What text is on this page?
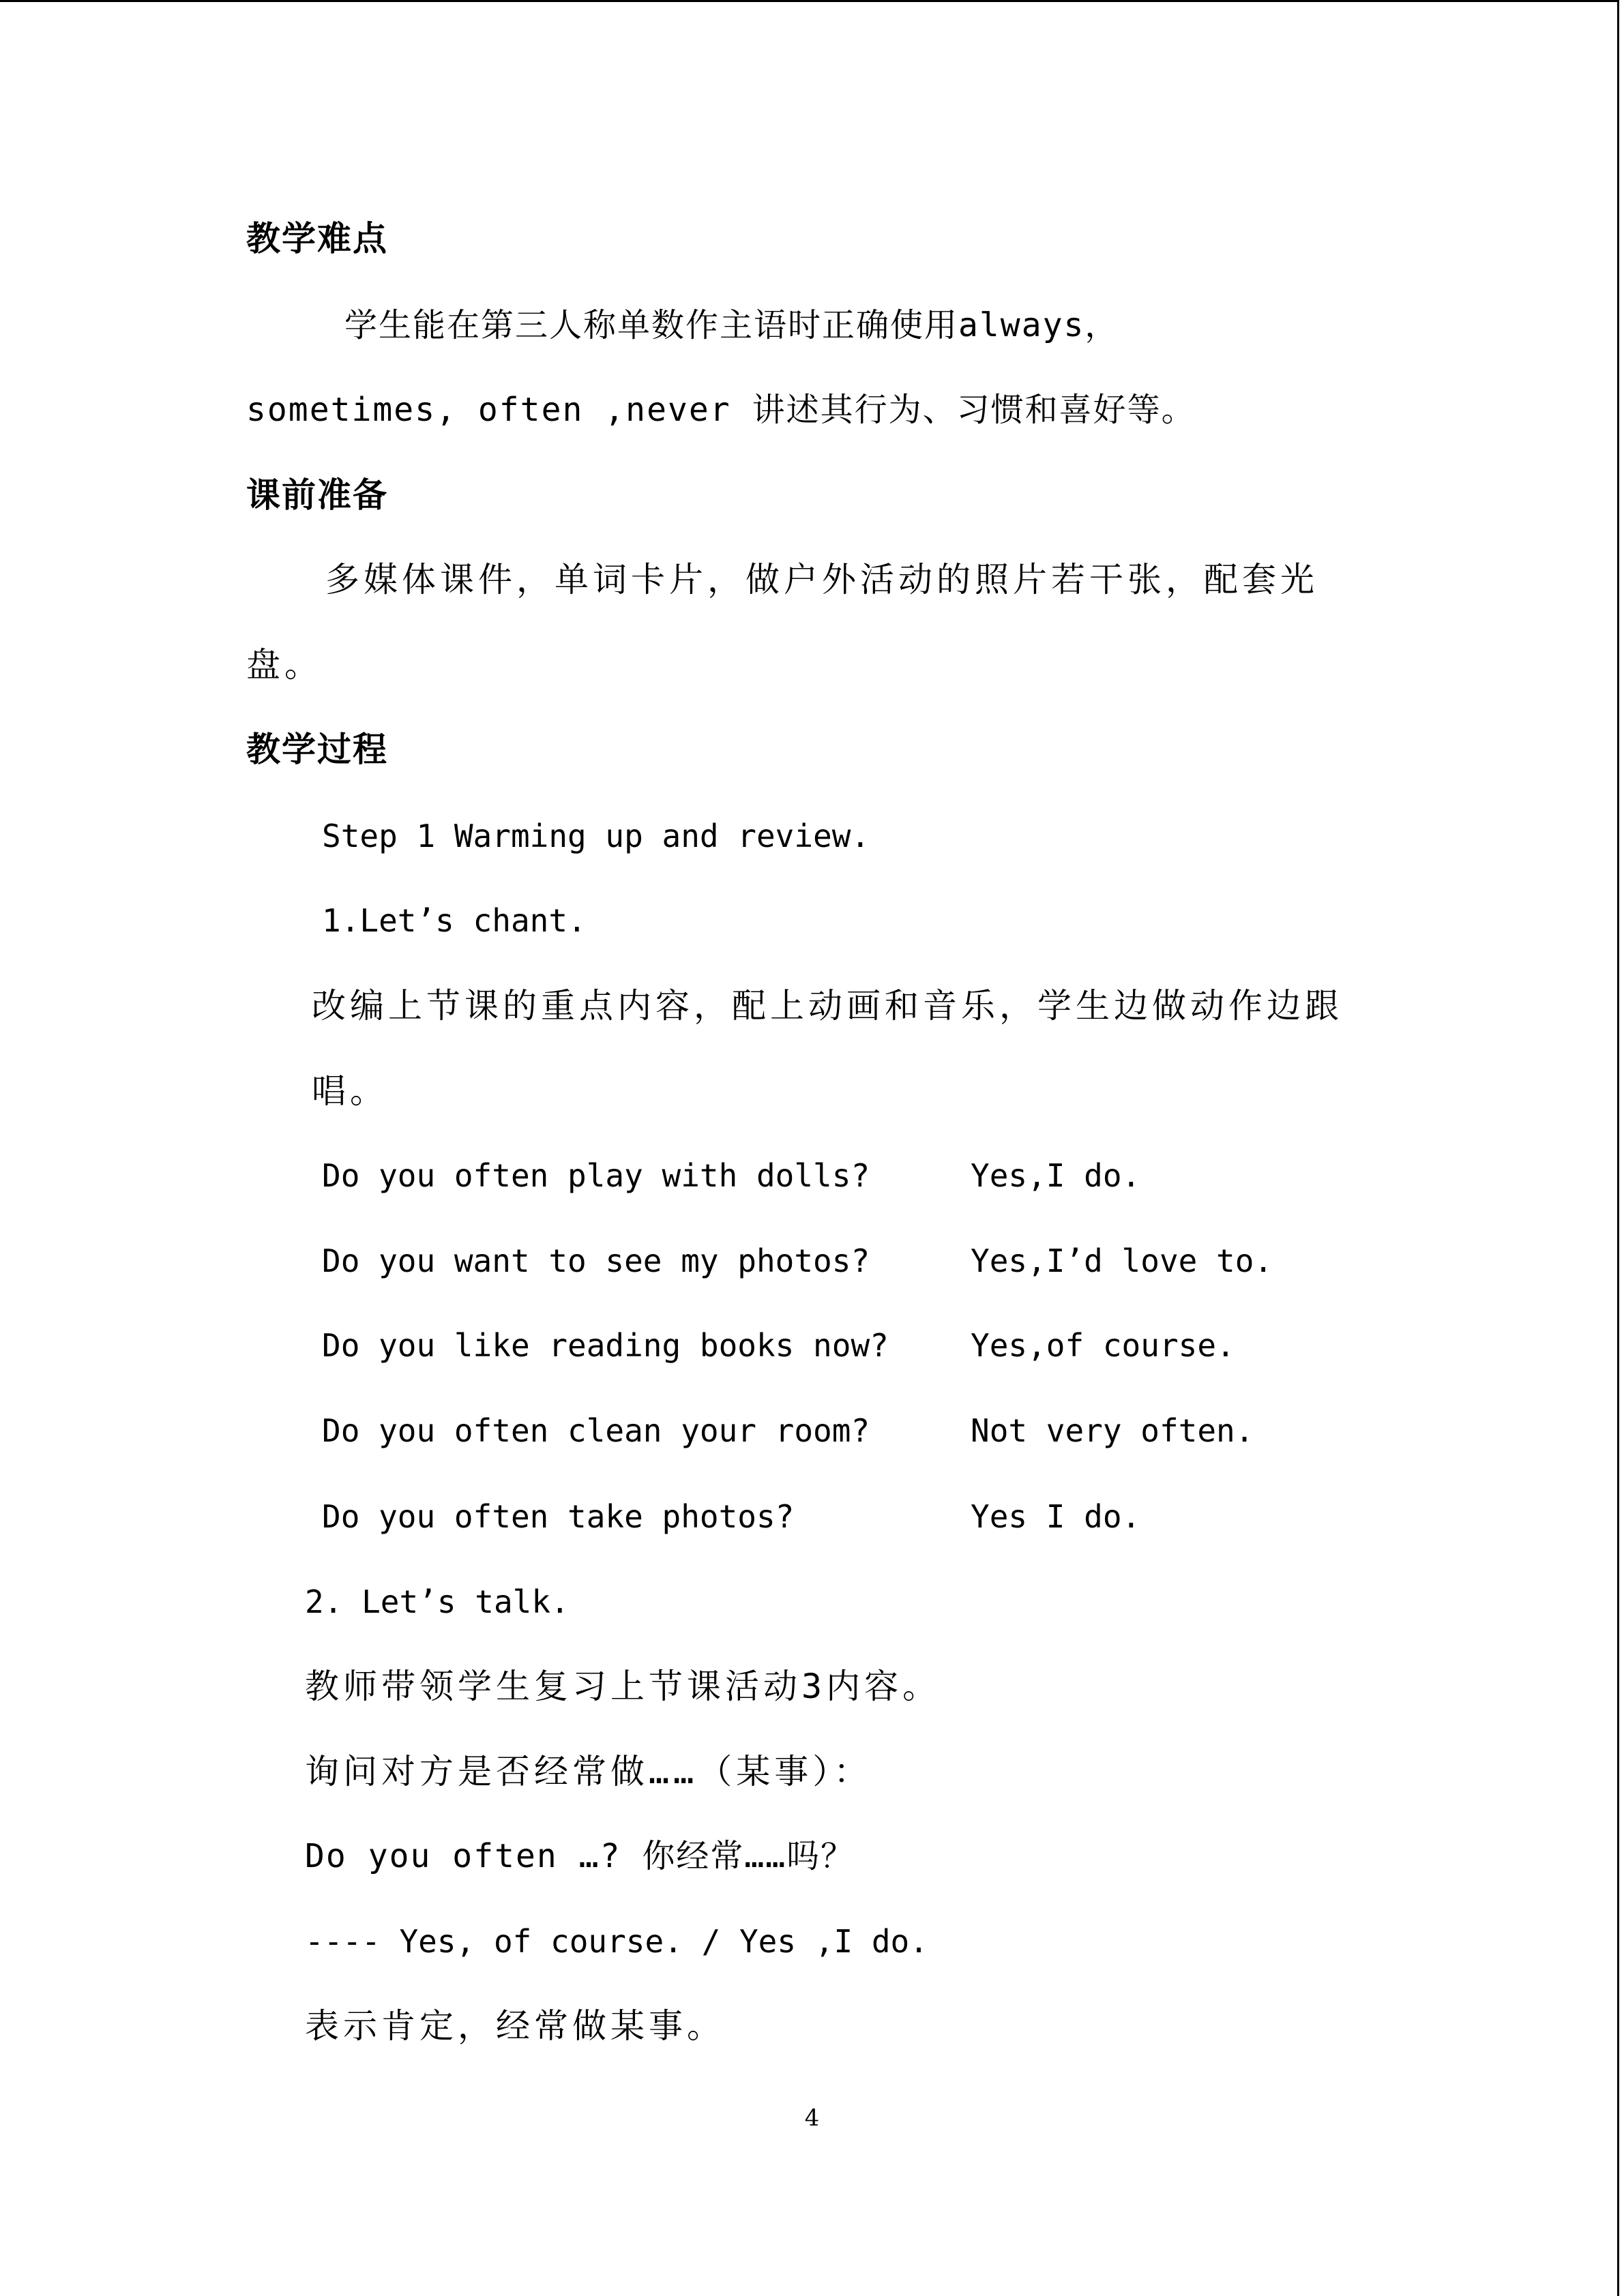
教学难点
学生能在第三人称单数作主语时正确使用always，
sometimes, often ,never 讲述其行为、习惯和喜好等。
课前准备
多媒体课件，单词卡片，做户外活动的照片若干张，配套光
盘。
教学过程
Step 1 Warming up and review.
1.Let’s chant.
改编上节课的重点内容，配上动画和音乐，学生边做动作边跟
唱。
Do you often play with dolls?	Yes,I do.
Do you want to see my photos?	Yes,I’d love to.
Do you like reading books now?	Yes,of course.
Do you often clean your room?	Not very often.
Do you often take photos?	Yes I do.
2. Let’s talk.
教师带领学生复习上节课活动3内容。
询问对方是否经常做……（某事）：
Do you often …? 你经常……吗？
---- Yes, of course. / Yes ,I do.
表示肯定，经常做某事。
4
